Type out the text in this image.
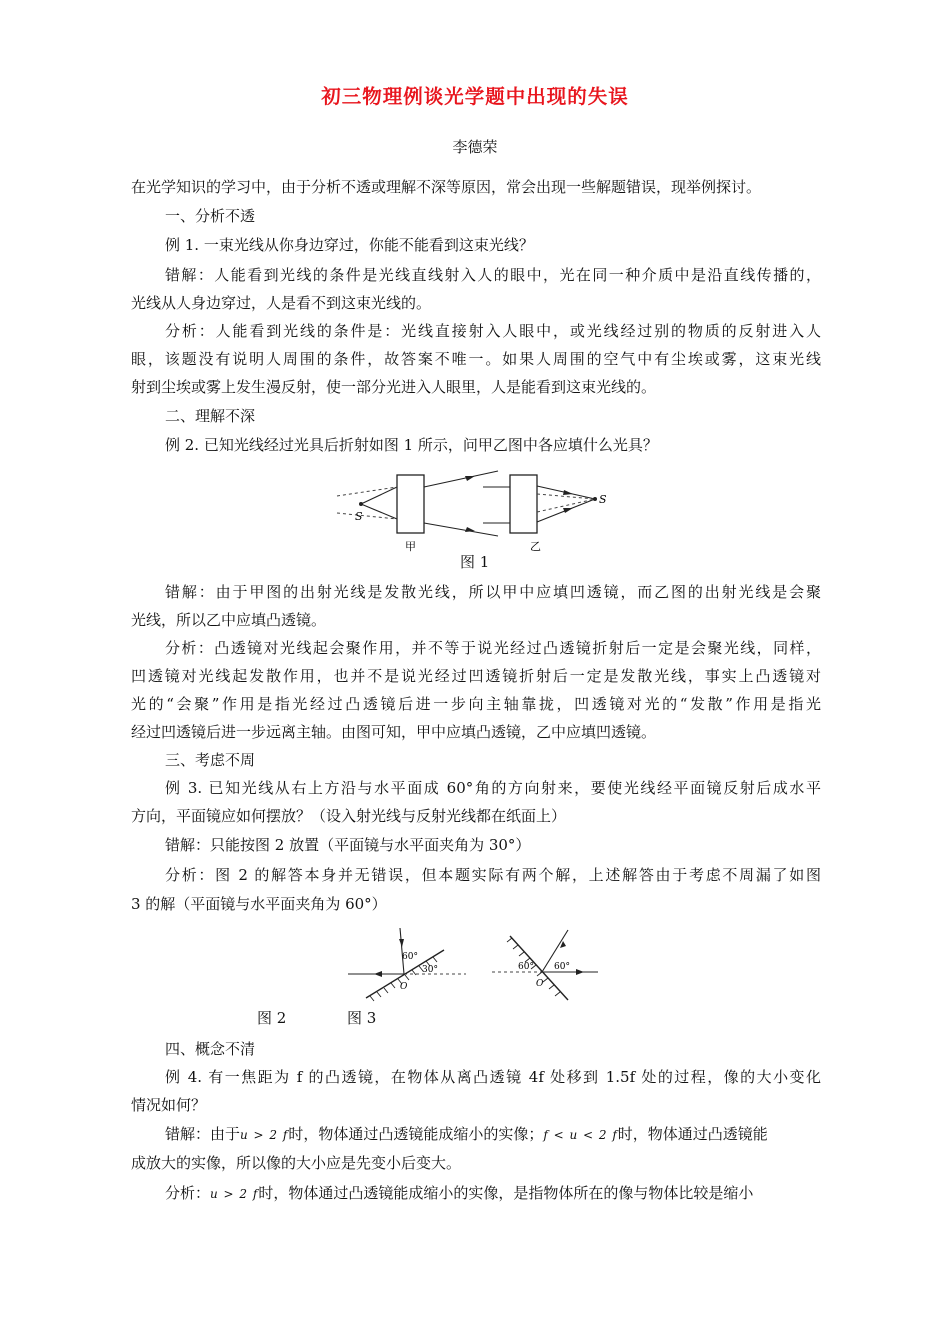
初三物理例谈光学题中出现的失误
李德荣
在光学知识的学习中，由于分析不透或理解不深等原因，常会出现一些解题错误，现举例探讨。
一、分析不透
例 1. 一束光线从你身边穿过，你能不能看到这束光线？
错解：人能看到光线的条件是光线直线射入人的眼中，光在同一种介质中是沿直线传播的，
光线从人身边穿过，人是看不到这束光线的。
分析：人能看到光线的条件是：光线直接射入人眼中，或光线经过别的物质的反射进入人
眼，该题没有说明人周围的条件，故答案不唯一。如果人周围的空气中有尘埃或雾，这束光线
射到尘埃或雾上发生漫反射，使一部分光进入人眼里，人是能看到这束光线的。
二、理解不深
例 2. 已知光线经过光具后折射如图 1 所示，问甲乙图中各应填什么光具？
S
甲
S
乙
图 1
错解：由于甲图的出射光线是发散光线，所以甲中应填凹透镜，而乙图的出射光线是会聚
光线，所以乙中应填凸透镜。
分析：凸透镜对光线起会聚作用，并不等于说光经过凸透镜折射后一定是会聚光线，同样，
凹透镜对光线起发散作用，也并不是说光经过凹透镜折射后一定是发散光线，事实上凸透镜对
光的“会聚”作用是指光经过凸透镜后进一步向主轴靠拢，凹透镜对光的“发散”作用是指光
经过凹透镜后进一步远离主轴。由图可知，甲中应填凸透镜，乙中应填凹透镜。
三、考虑不周
例 3. 已知光线从右上方沿与水平面成 60°角的方向射来，要使光线经平面镜反射后成水平
方向，平面镜应如何摆放？（设入射光线与反射光线都在纸面上）
错解：只能按图 2 放置（平面镜与水平面夹角为 30°）
分析：图 2 的解答本身并无错误，但本题实际有两个解，上述解答由于考虑不周漏了如图
3 的解（平面镜与水平面夹角为 60°）
60°
30°
O
60° 60°
O
图 2	图 3
四、概念不清
例 4. 有一焦距为 f 的凸透镜，在物体从离凸透镜 4f 处移到 1.5f 处的过程，像的大小变化
情况如何？
错解：由于u > 2 f时，物体通过凸透镜能成缩小的实像；f < u < 2 f时，物体通过凸透镜能
成放大的实像，所以像的大小应是先变小后变大。
分析：u > 2 f时，物体通过凸透镜能成缩小的实像，是指物体所在的像与物体比较是缩小
